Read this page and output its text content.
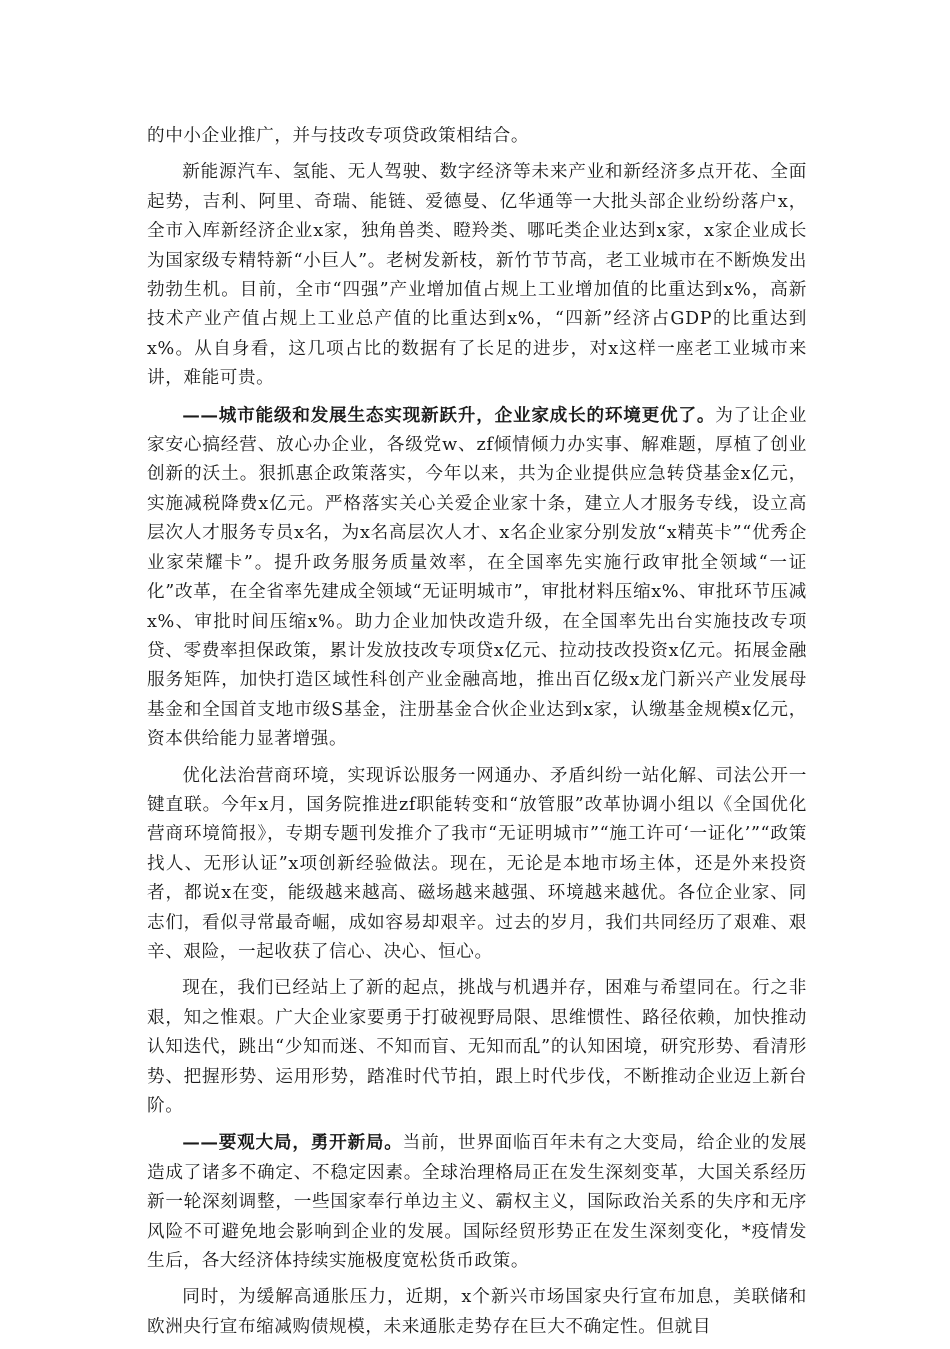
的中小企业推广，并与技改专项贷政策相结合。

新能源汽车、氢能、无人驾驶、数字经济等未来产业和新经济多点开花、全面起势，吉利、阿里、奇瑞、能链、爱德曼、亿华通等一大批头部企业纷纷落户x，全市入库新经济企业x家，独角兽类、瞪羚类、哪吒类企业达到x家，x家企业成长为国家级专精特新“小巨人”。老树发新枝，新竹节节高，老工业城市在不断焕发出勃勃生机。目前，全市“四强”产业增加值占规上工业增加值的比重达到x%，高新技术产业产值占规上工业总产值的比重达到x%，“四新”经济占GDP的比重达到x%。从自身看，这几项占比的数据有了长足的进步，对x这样一座老工业城市来讲，难能可贵。

——城市能级和发展生态实现新跃升，企业家成长的环境更优了。为了让企业家安心搞经营、放心办企业，各级党w、zf倾情倾力办实事、解难题，厚植了创业创新的沃土。狠抓惠企政策落实，今年以来，共为企业提供应急转贷基金x亿元，实施减税降费x亿元。严格落实关心关爱企业家十条，建立人才服务专线，设立高层次人才服务专员x名，为x名高层次人才、x名企业家分别发放“x精英卡”“优秀企业家荣耀卡”。提升政务服务质量效率，在全国率先实施行政审批全领域“一证化”改革，在全省率先建成全领域“无证明城市”，审批材料压缩x%、审批环节压减x%、审批时间压缩x%。助力企业加快改造升级，在全国率先出台实施技改专项贷、零费率担保政策，累计发放技改专项贷x亿元、拉动技改投资x亿元。拓展金融服务矩阵，加快打造区域性科创产业金融高地，推出百亿级x龙门新兴产业发展母基金和全国首支地市级S基金，注册基金合伙企业达到x家，认缴基金规模x亿元，资本供给能力显著增强。

优化法治营商环境，实现诉讼服务一网通办、矛盾纠纷一站化解、司法公开一键直联。今年x月，国务院推进zf职能转变和“放管服”改革协调小组以《全国优化营商环境简报》，专期专题刊发推介了我市“无证明城市”“施工许可‘一证化’”“政策找人、无形认证”x项创新经验做法。现在，无论是本地市场主体，还是外来投资者，都说x在变，能级越来越高、磁场越来越强、环境越来越优。各位企业家、同志们，看似寻常最奇崛，成如容易却艰辛。过去的岁月，我们共同经历了艰难、艰辛、艰险，一起收获了信心、决心、恒心。

现在，我们已经站上了新的起点，挑战与机遇并存，困难与希望同在。行之非艰，知之惟艰。广大企业家要勇于打破视野局限、思维惯性、路径依赖，加快推动认知迭代，跳出“少知而迷、不知而盲、无知而乱”的认知困境，研究形势、看清形势、把握形势、运用形势，踏准时代节拍，跟上时代步伐，不断推动企业迈上新台阶。

——要观大局，勇开新局。当前，世界面临百年未有之大变局，给企业的发展造成了诸多不确定、不稳定因素。全球治理格局正在发生深刻变革，大国关系经历新一轮深刻调整，一些国家奉行单边主义、霸权主义，国际政治关系的失序和无序风险不可避免地会影响到企业的发展。国际经贸形势正在发生深刻变化，*疫情发生后，各大经济体持续实施极度宽松货币政策。

同时，为缓解高通胀压力，近期，x个新兴市场国家央行宣布加息，美联储和欧洲央行宣布缩减购债规模，未来通胀走势存在巨大不确定性。但就目
